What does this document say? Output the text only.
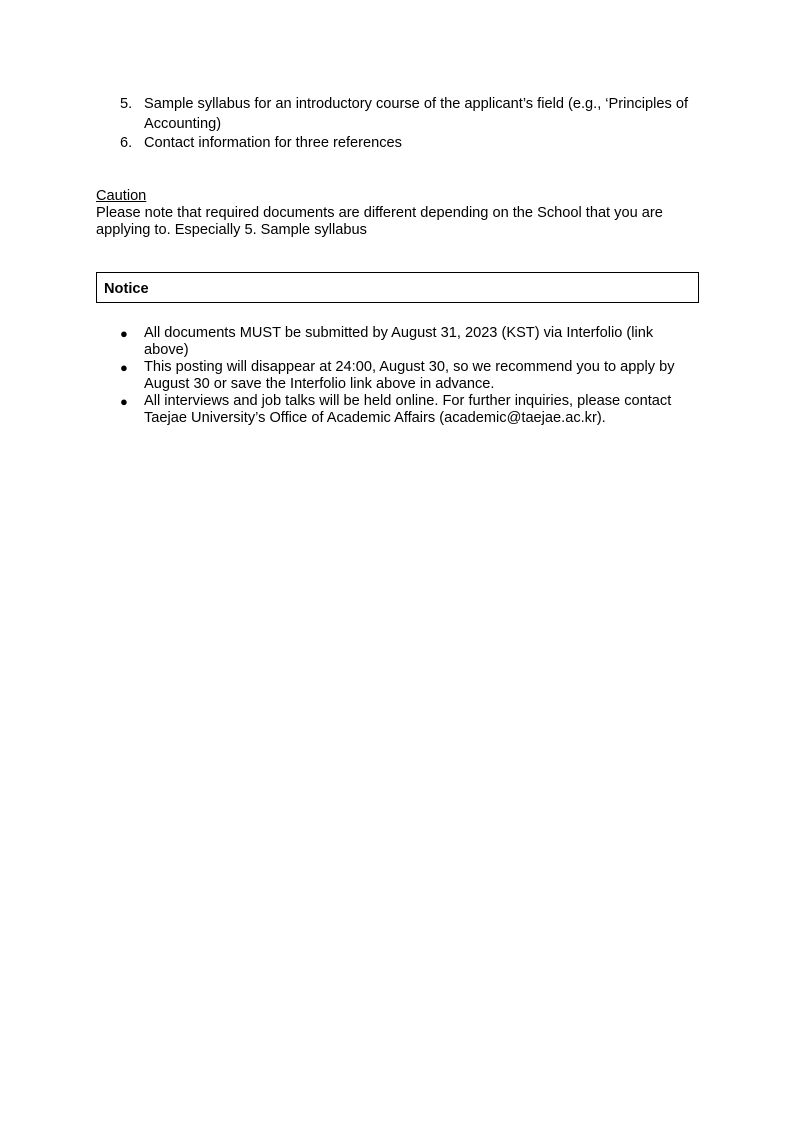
5. Sample syllabus for an introductory course of the applicant’s field (e.g., ‘Principles of Accounting)
6. Contact information for three references
Caution
Please note that required documents are different depending on the School that you are applying to. Especially 5. Sample syllabus
Notice
● All documents MUST be submitted by August 31, 2023 (KST) via Interfolio (link above)
● This posting will disappear at 24:00, August 30, so we recommend you to apply by August 30 or save the Interfolio link above in advance.
● All interviews and job talks will be held online. For further inquiries, please contact Taejae University’s Office of Academic Affairs (academic@taejae.ac.kr).
